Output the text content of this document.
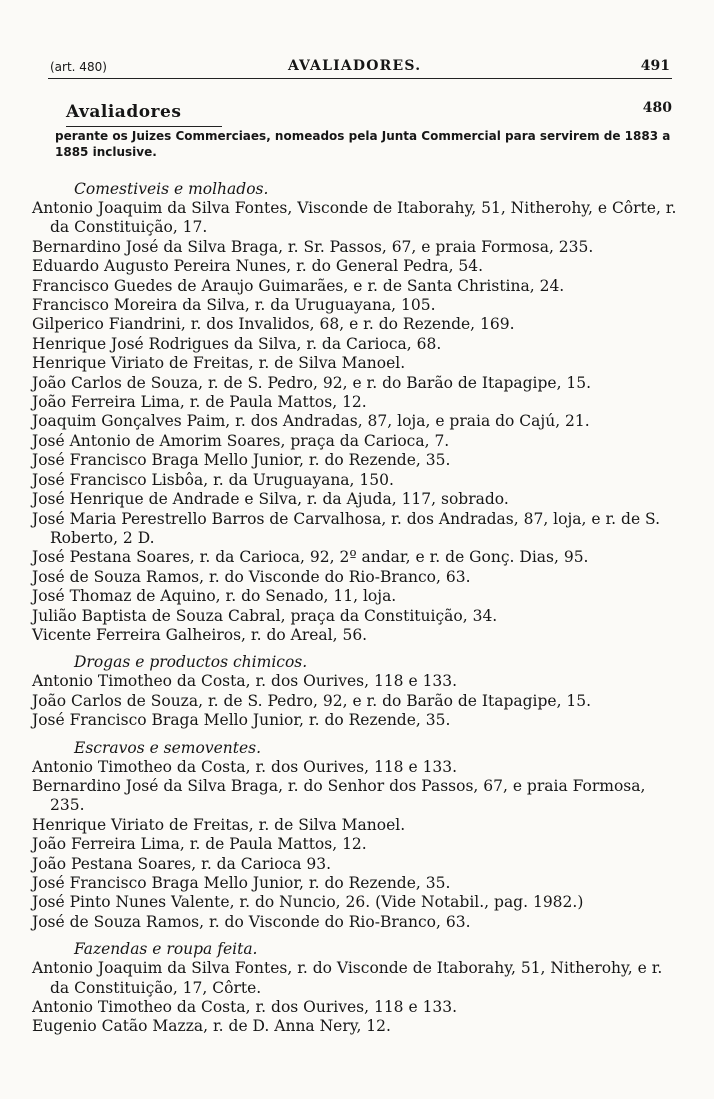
(art. 480)	AVALIADORES.	491
Avaliadores	480
perante os Juizes Commerciaes, nomeados pela Junta Commercial para servirem de 1883 a 1885 inclusive.
Comestiveis e molhados.
Antonio Joaquim da Silva Fontes, Visconde de Itaborahy, 51, Nitherohy, e Côrte, r. da Constituição, 17.
Bernardino José da Silva Braga, r. Sr. Passos, 67, e praia Formosa, 235.
Eduardo Augusto Pereira Nunes, r. do General Pedra, 54.
Francisco Guedes de Araujo Guimarães, e r. de Santa Christina, 24.
Francisco Moreira da Silva, r. da Uruguayana, 105.
Gilperico Fiandrini, r. dos Invalidos, 68, e r. do Rezende, 169.
Henrique José Rodrigues da Silva, r. da Carioca, 68.
Henrique Viriato de Freitas, r. de Silva Manoel.
João Carlos de Souza, r. de S. Pedro, 92, e r. do Barão de Itapagipe, 15.
João Ferreira Lima, r. de Paula Mattos, 12.
Joaquim Gonçalves Paim, r. dos Andradas, 87, loja, e praia do Cajú, 21.
José Antonio de Amorim Soares, praça da Carioca, 7.
José Francisco Braga Mello Junior, r. do Rezende, 35.
José Francisco Lisbôa, r. da Uruguayana, 150.
José Henrique de Andrade e Silva, r. da Ajuda, 117, sobrado.
José Maria Perestrello Barros de Carvalhosa, r. dos Andradas, 87, loja, e r. de S. Roberto, 2 D.
José Pestana Soares, r. da Carioca, 92, 2º andar, e r. de Gonç. Dias, 95.
José de Souza Ramos, r. do Visconde do Rio-Branco, 63.
José Thomaz de Aquino, r. do Senado, 11, loja.
Julião Baptista de Souza Cabral, praça da Constituição, 34.
Vicente Ferreira Galheiros, r. do Areal, 56.
Drogas e productos chimicos.
Antonio Timotheo da Costa, r. dos Ourives, 118 e 133.
João Carlos de Souza, r. de S. Pedro, 92, e r. do Barão de Itapagipe, 15.
José Francisco Braga Mello Junior, r. do Rezende, 35.
Escravos e semoventes.
Antonio Timotheo da Costa, r. dos Ourives, 118 e 133.
Bernardino José da Silva Braga, r. do Senhor dos Passos, 67, e praia Formosa, 235.
Henrique Viriato de Freitas, r. de Silva Manoel.
João Ferreira Lima, r. de Paula Mattos, 12.
João Pestana Soares, r. da Carioca 93.
José Francisco Braga Mello Junior, r. do Rezende, 35.
José Pinto Nunes Valente, r. do Nuncio, 26. (Vide Notabil., pag. 1982.)
José de Souza Ramos, r. do Visconde do Rio-Branco, 63.
Fazendas e roupa feita.
Antonio Joaquim da Silva Fontes, r. do Visconde de Itaborahy, 51, Nitherohy, e r. da Constituição, 17, Côrte.
Antonio Timotheo da Costa, r. dos Ourives, 118 e 133.
Eugenio Catão Mazza, r. de D. Anna Nery, 12.
